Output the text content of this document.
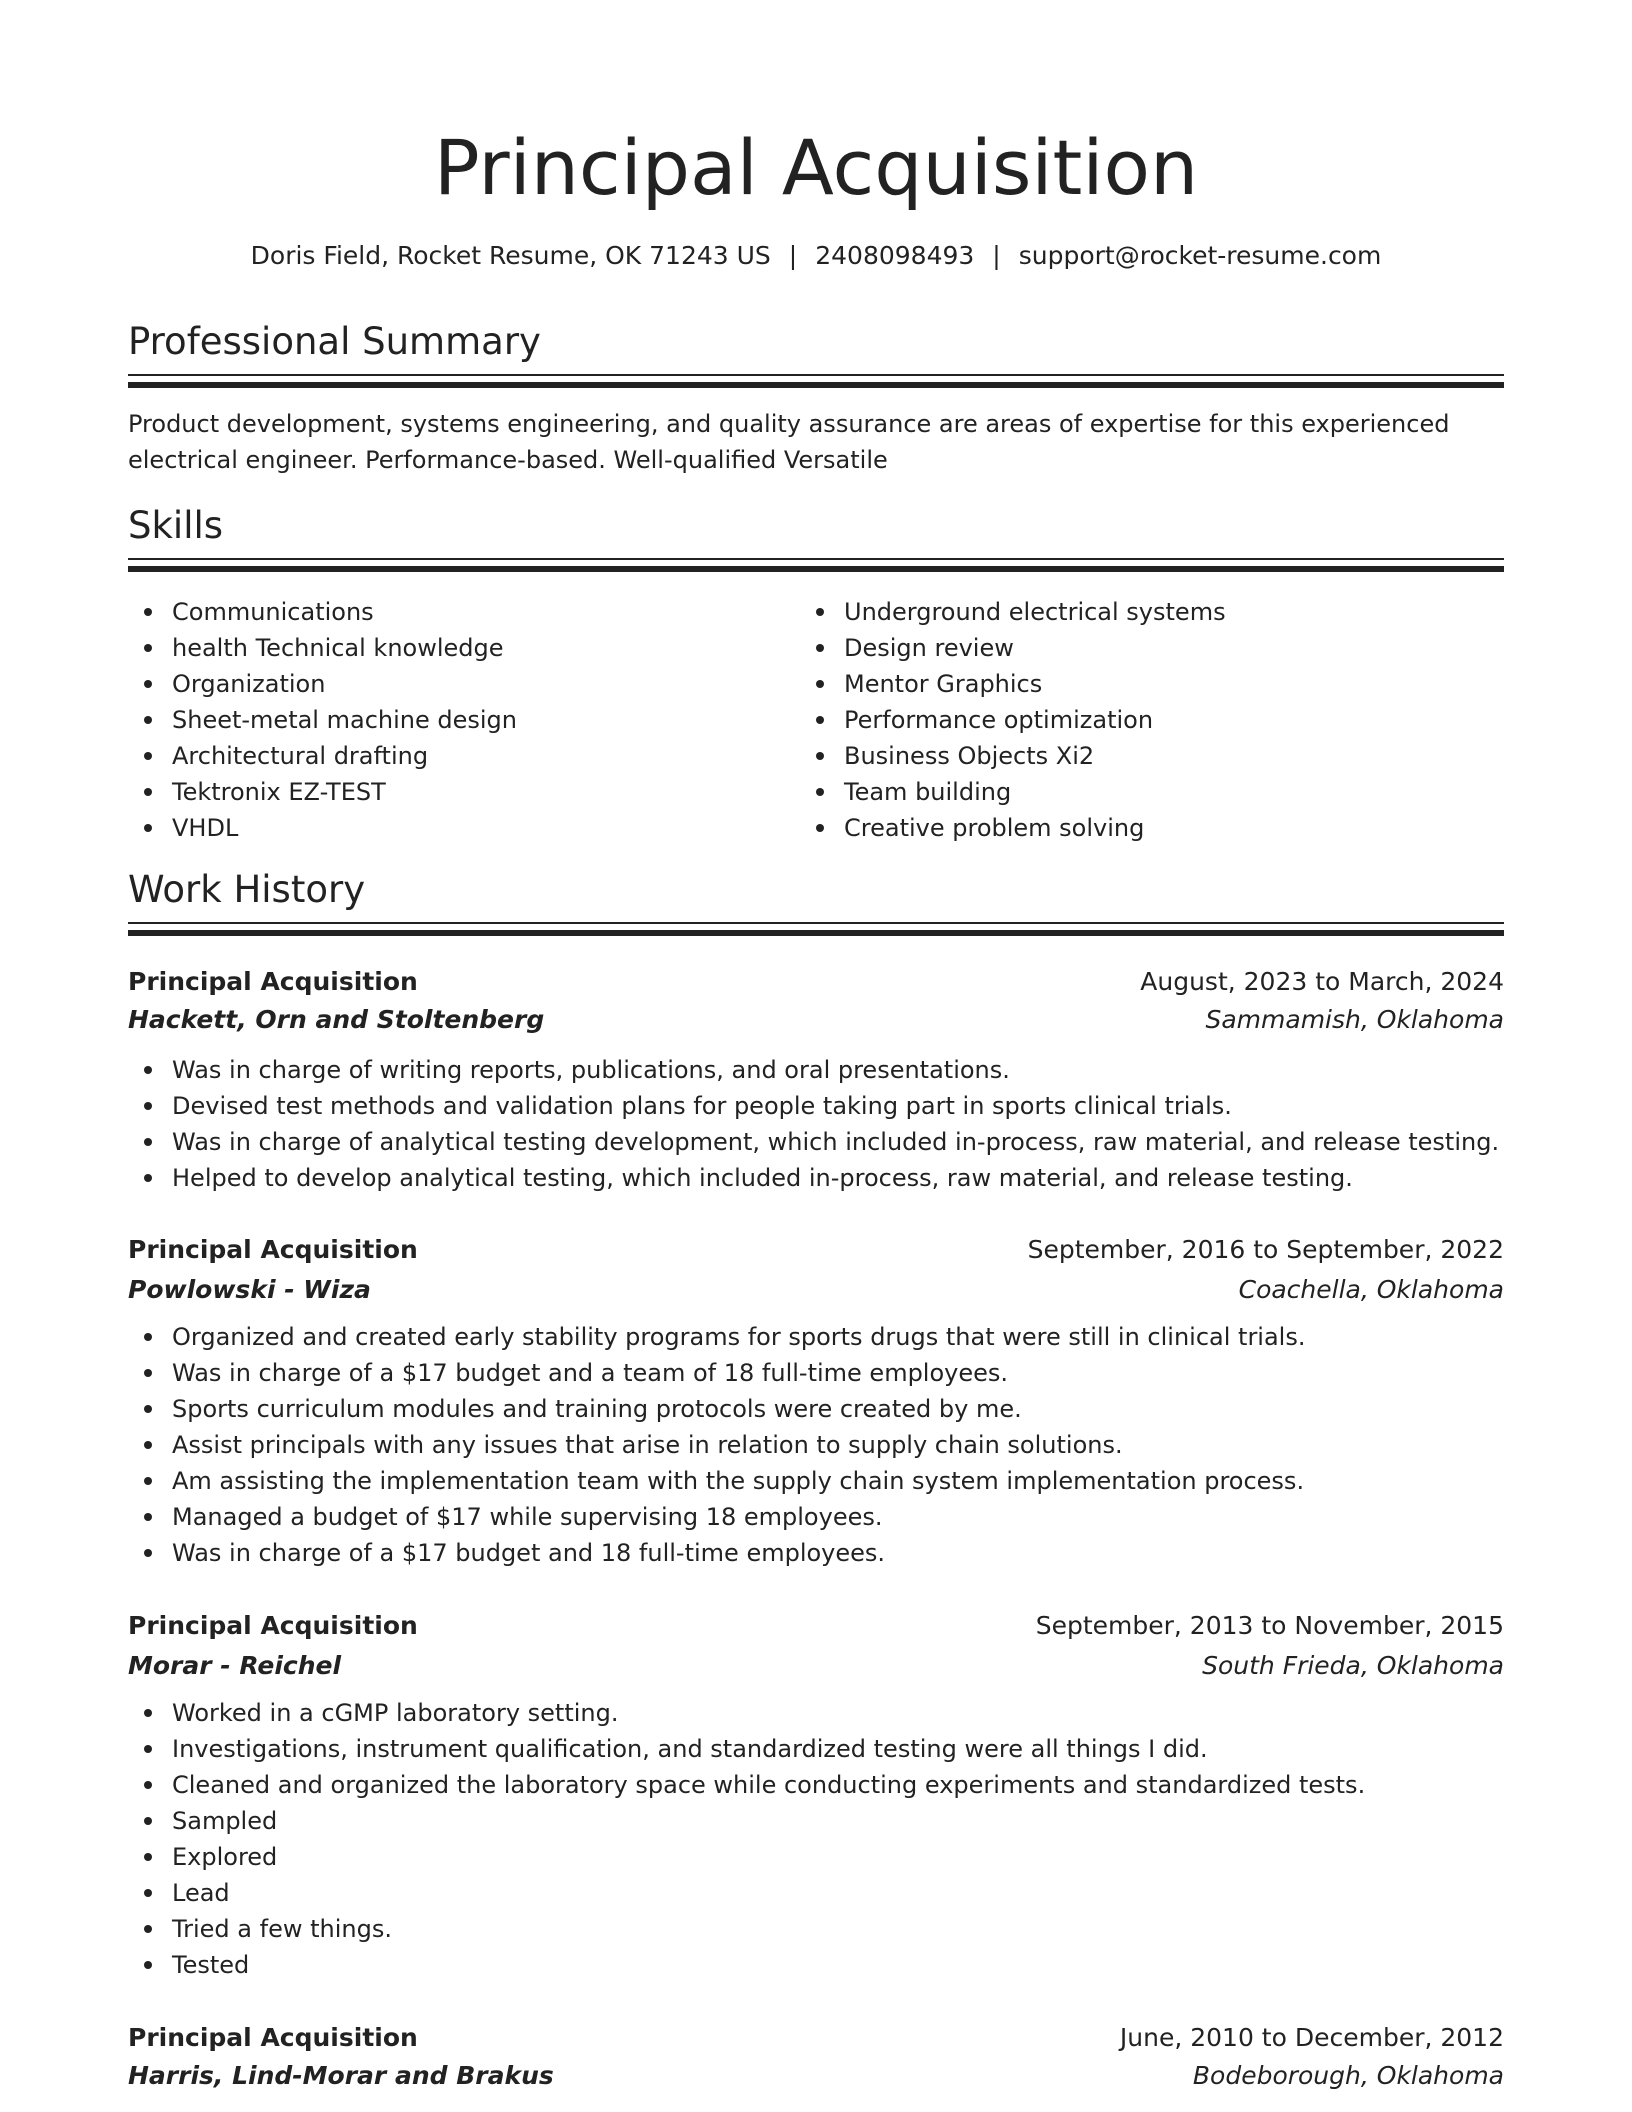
Principal Acquisition
Doris Field, Rocket Resume, OK 71243 US | 2408098493 | support@rocket-resume.com
Professional Summary

Product development, systems engineering, and quality assurance are areas of expertise for this experienced electrical engineer. Performance-based. Well-qualified Versatile

Skills
Communications
health Technical knowledge
Organization
Sheet-metal machine design
Architectural drafting
Tektronix EZ-TEST
VHDL
Underground electrical systems
Design review
Mentor Graphics
Performance optimization
Business Objects Xi2
Team building
Creative problem solving
Work History
Principal Acquisition	August, 2023 to March, 2024
Hackett, Orn and Stoltenberg	Sammamish, Oklahoma
Was in charge of writing reports, publications, and oral presentations.
Devised test methods and validation plans for people taking part in sports clinical trials.
Was in charge of analytical testing development, which included in-process, raw material, and release testing.
Helped to develop analytical testing, which included in-process, raw material, and release testing.
Principal Acquisition	September, 2016 to September, 2022
Powlowski - Wiza	Coachella, Oklahoma
Organized and created early stability programs for sports drugs that were still in clinical trials.
Was in charge of a $17 budget and a team of 18 full-time employees.
Sports curriculum modules and training protocols were created by me.
Assist principals with any issues that arise in relation to supply chain solutions.
Am assisting the implementation team with the supply chain system implementation process.
Managed a budget of $17 while supervising 18 employees.
Was in charge of a $17 budget and 18 full-time employees.
Principal Acquisition	September, 2013 to November, 2015
Morar - Reichel	South Frieda, Oklahoma
Worked in a cGMP laboratory setting.
Investigations, instrument qualification, and standardized testing were all things I did.
Cleaned and organized the laboratory space while conducting experiments and standardized tests.
Sampled
Explored
Lead
Tried a few things.
Tested
Principal Acquisition	June, 2010 to December, 2012
Harris, Lind-Morar and Brakus	Bodeborough, Oklahoma
